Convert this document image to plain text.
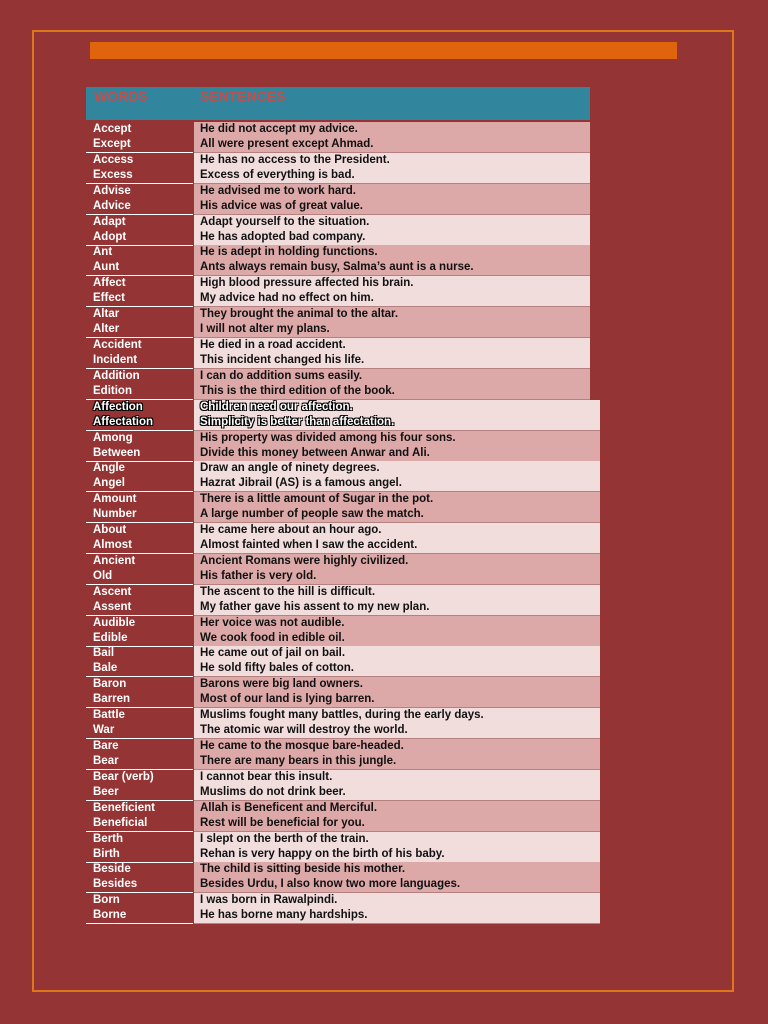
WORDS	SENTENCES
Accept
Except
He did not accept my advice.
All were present except Ahmad.
Access
Excess
He has no access to the President.
Excess of everything is bad.
Advise
Advice
He advised me to work hard.
His advice was of great value.
Adapt
Adopt
Adapt yourself to the situation.
He has adopted bad company.
Ant
Aunt
He is adept in holding functions.
Ants always remain busy, Salma’s aunt is a nurse.
Affect
Effect
High blood pressure affected his brain.
My advice had no effect on him.
Altar
Alter
They brought the animal to the altar.
I will not alter my plans.
Accident
Incident
He died in a road accident.
This incident changed his life.
Addition
Edition
I can do addition sums easily.
This is the third edition of the book.
Affection
Affectation
Children need our affection.
Simplicity is better than affectation.
Among
Between
His property was divided among his four sons.
Divide this money between Anwar and Ali.
Angle
Angel
Draw an angle of ninety degrees.
Hazrat Jibrail (AS) is a famous angel.
Amount
Number
There is a little amount of Sugar in the pot.
A large number of people saw the match.
About
Almost
He came here about an hour ago.
Almost fainted when I saw the accident.
Ancient
Old
Ancient Romans were highly civilized.
His father is very old.
Ascent
Assent
The ascent to the hill is difficult.
My father gave his assent to my new plan.
Audible
Edible
Her voice was not audible.
We cook food in edible oil.
Bail
Bale
He came out of jail on bail.
He sold fifty bales of cotton.
Baron
Barren
Barons were big land owners.
Most of our land is lying barren.
Battle
War
Muslims fought many battles, during the early days.
The atomic war will destroy the world.
Bare
Bear
He came to the mosque bare-headed.
There are many bears in this jungle.
Bear (verb)
Beer
I cannot bear this insult.
Muslims do not drink beer.
Beneficient
Beneficial
Allah is Beneficent and Merciful.
Rest will be beneficial for you.
Berth
Birth
I slept on the berth of the train.
Rehan is very happy on the birth of his baby.
Beside
Besides
The child is sitting beside his mother.
Besides Urdu, I also know two more languages.
Born
Borne
I was born in Rawalpindi.
He has borne many hardships.
